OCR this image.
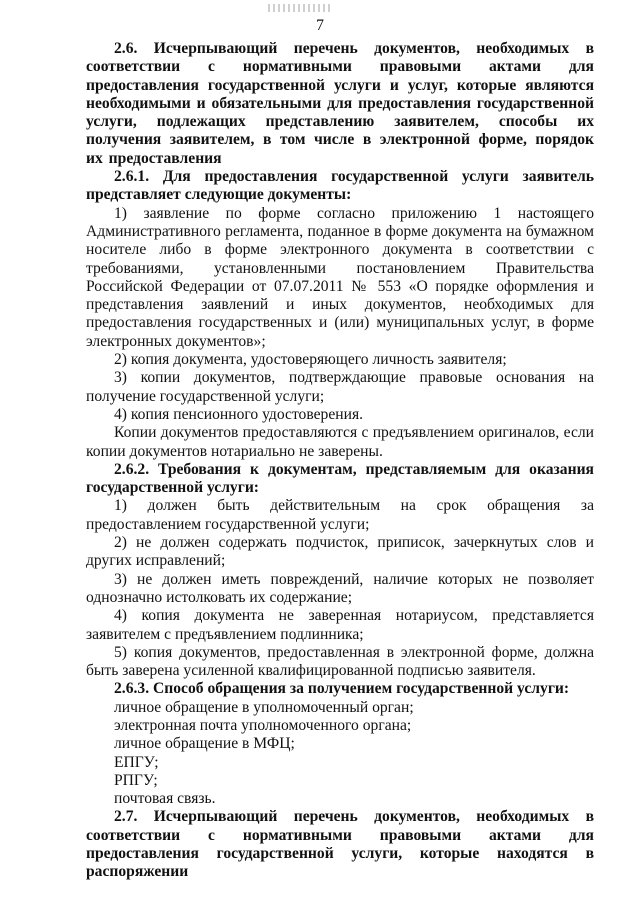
7

2.6. Исчерпывающий перечень документов, необходимых в соответствии с нормативными правовыми актами для предоставления государственной услуги и услуг, которые являются необходимыми и обязательными для предоставления государственной услуги, подлежащих представлению заявителем, способы их получения заявителем, в том числе в электронной форме, порядок их предоставления

2.6.1. Для предоставления государственной услуги заявитель представляет следующие документы:

1) заявление по форме согласно приложению 1 настоящего Административного регламента, поданное в форме документа на бумажном носителе либо в форме электронного документа в соответствии с требованиями, установленными постановлением Правительства Российской Федерации от 07.07.2011 № 553 «О порядке оформления и представления заявлений и иных документов, необходимых для предоставления государственных и (или) муниципальных услуг, в форме электронных документов»;

2) копия документа, удостоверяющего личность заявителя;

3) копии документов, подтверждающие правовые основания на получение государственной услуги;

4) копия пенсионного удостоверения.

Копии документов предоставляются с предъявлением оригиналов, если копии документов нотариально не заверены.

2.6.2. Требования к документам, представляемым для оказания государственной услуги:

1) должен быть действительным на срок обращения за предоставлением государственной услуги;

2) не должен содержать подчисток, приписок, зачеркнутых слов и других исправлений;

3) не должен иметь повреждений, наличие которых не позволяет однозначно истолковать их содержание;

4) копия документа не заверенная нотариусом, представляется заявителем с предъявлением подлинника;

5) копия документов, предоставленная в электронной форме, должна быть заверена усиленной квалифицированной подписью заявителя.

2.6.3. Способ обращения за получением государственной услуги:

личное обращение в уполномоченный орган;

электронная почта уполномоченного органа;

личное обращение в МФЦ;

ЕПГУ;

РПГУ;

почтовая связь.

2.7. Исчерпывающий перечень документов, необходимых в соответствии с нормативными правовыми актами для предоставления государственной услуги, которые находятся в распоряжении
